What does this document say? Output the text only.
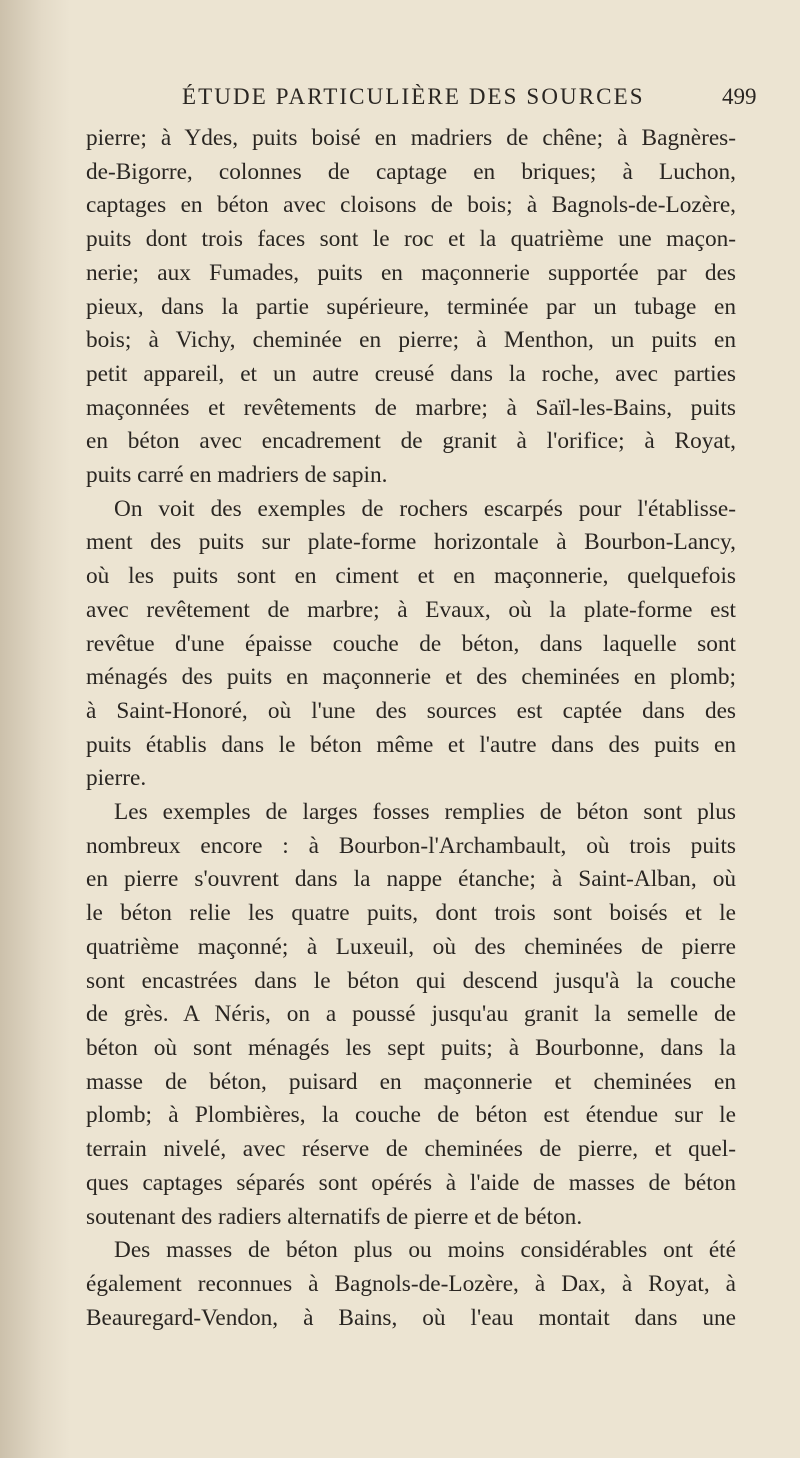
ÉTUDE PARTICULIÈRE DES SOURCES	499
pierre; à Ydes, puits boisé en madriers de chêne; à Bagnères-
de-Bigorre, colonnes de captage en briques; à Luchon,
captages en béton avec cloisons de bois; à Bagnols-de-Lozère,
puits dont trois faces sont le roc et la quatrième une maçon-
nerie; aux Fumades, puits en maçonnerie supportée par des
pieux, dans la partie supérieure, terminée par un tubage en
bois; à Vichy, cheminée en pierre; à Menthon, un puits en
petit appareil, et un autre creusé dans la roche, avec parties
maçonnées et revêtements de marbre; à Saïl-les-Bains, puits
en béton avec encadrement de granit à l'orifice; à Royat,
puits carré en madriers de sapin.
On voit des exemples de rochers escarpés pour l'établisse-
ment des puits sur plate-forme horizontale à Bourbon-Lancy,
où les puits sont en ciment et en maçonnerie, quelquefois
avec revêtement de marbre; à Evaux, où la plate-forme est
revêtue d'une épaisse couche de béton, dans laquelle sont
ménagés des puits en maçonnerie et des cheminées en plomb;
à Saint-Honoré, où l'une des sources est captée dans des
puits établis dans le béton même et l'autre dans des puits en
pierre.
Les exemples de larges fosses remplies de béton sont plus
nombreux encore : à Bourbon-l'Archambault, où trois puits
en pierre s'ouvrent dans la nappe étanche; à Saint-Alban, où
le béton relie les quatre puits, dont trois sont boisés et le
quatrième maçonné; à Luxeuil, où des cheminées de pierre
sont encastrées dans le béton qui descend jusqu'à la couche
de grès. A Néris, on a poussé jusqu'au granit la semelle de
béton où sont ménagés les sept puits; à Bourbonne, dans la
masse de béton, puisard en maçonnerie et cheminées en
plomb; à Plombières, la couche de béton est étendue sur le
terrain nivelé, avec réserve de cheminées de pierre, et quel-
ques captages séparés sont opérés à l'aide de masses de béton
soutenant des radiers alternatifs de pierre et de béton.
Des masses de béton plus ou moins considérables ont été
également reconnues à Bagnols-de-Lozère, à Dax, à Royat, à
Beauregard-Vendon, à Bains, où l'eau montait dans une
